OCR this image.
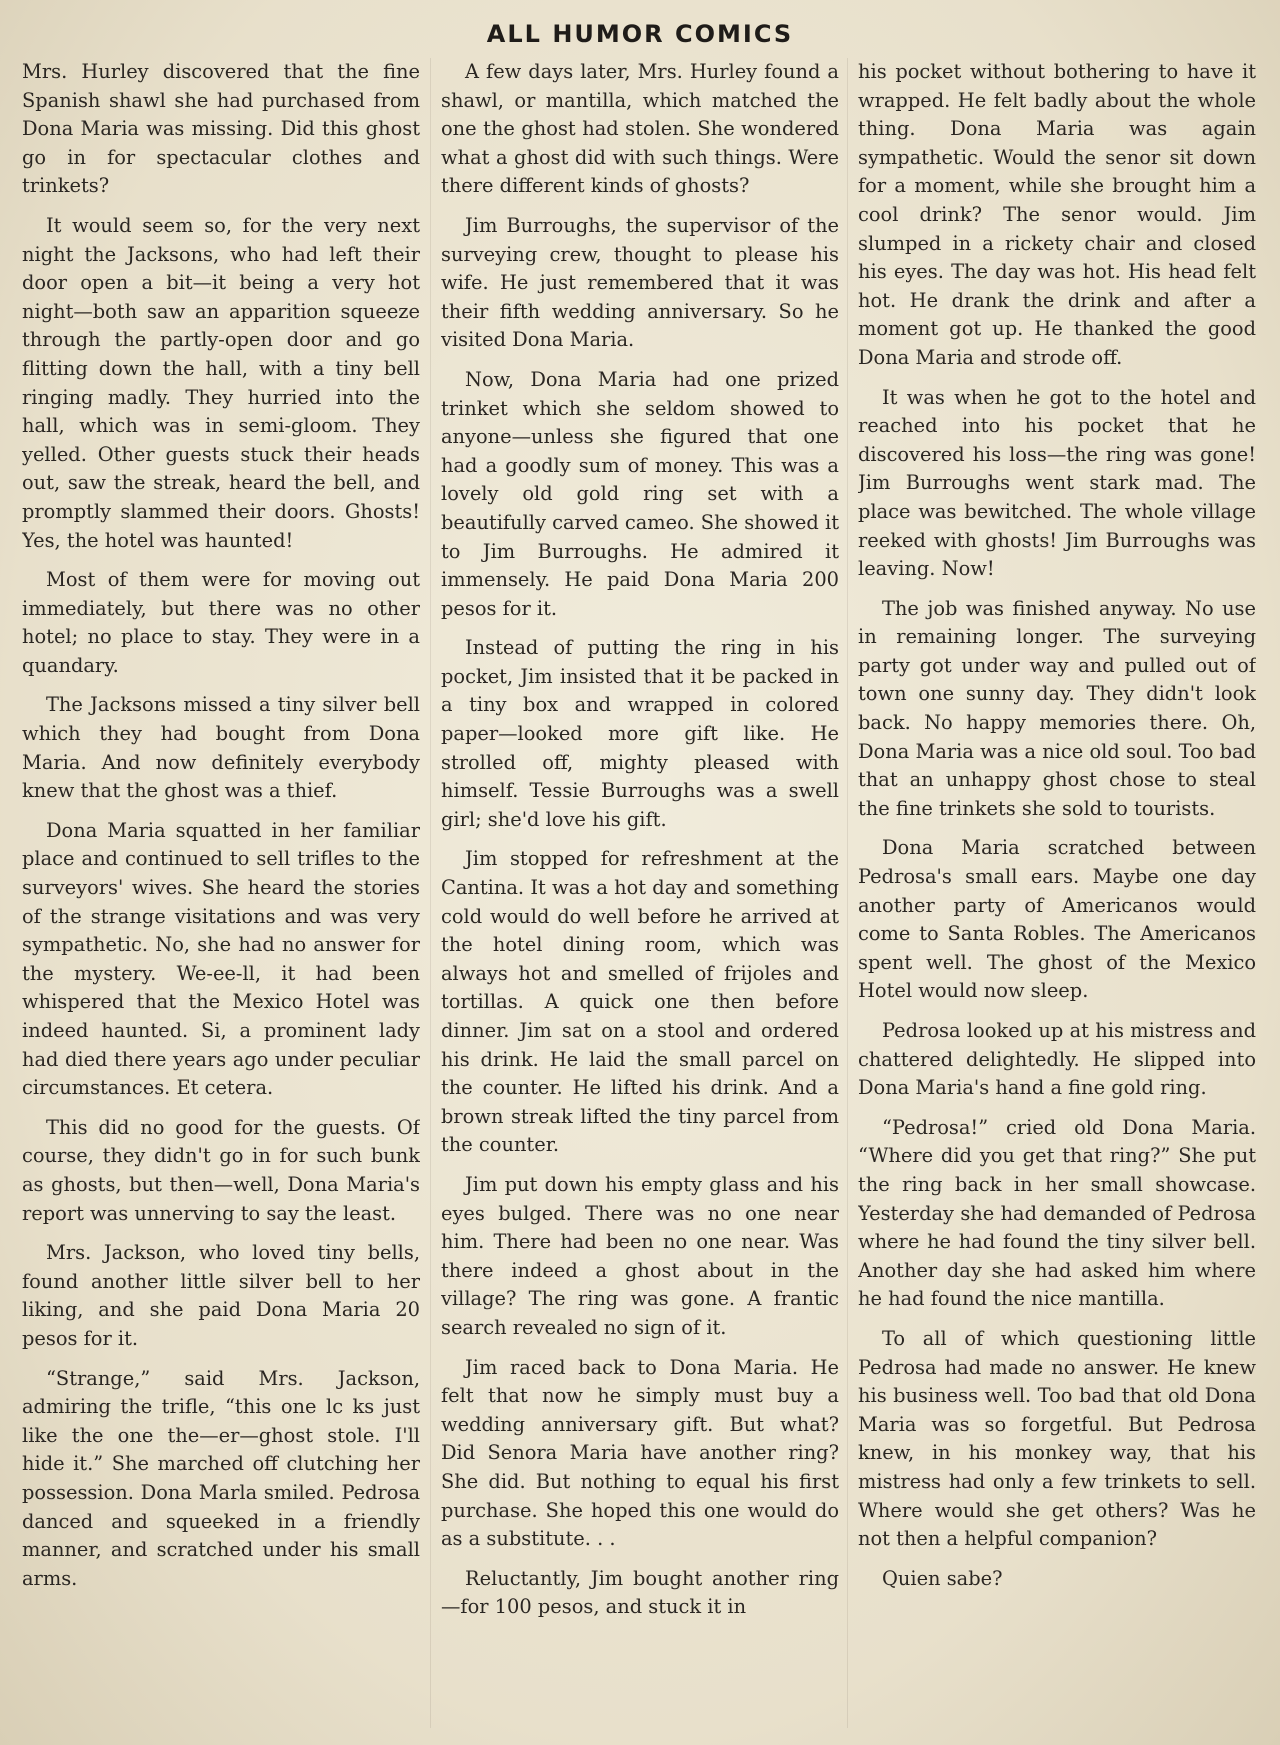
ALL HUMOR COMICS

Mrs. Hurley discovered that the fine Spanish shawl she had purchased from Dona Maria was missing. Did this ghost go in for spectacular clothes and trinkets?

It would seem so, for the very next night the Jacksons, who had left their door open a bit—it being a very hot night—both saw an apparition squeeze through the partly-open door and go flitting down the hall, with a tiny bell ringing madly. They hurried into the hall, which was in semi-gloom. They yelled. Other guests stuck their heads out, saw the streak, heard the bell, and promptly slammed their doors. Ghosts! Yes, the hotel was haunted!

Most of them were for moving out immediately, but there was no other hotel; no place to stay. They were in a quandary.

The Jacksons missed a tiny silver bell which they had bought from Dona Maria. And now definitely everybody knew that the ghost was a thief.

Dona Maria squatted in her familiar place and continued to sell trifles to the surveyors' wives. She heard the stories of the strange visitations and was very sympathetic. No, she had no answer for the mystery. We-ee-ll, it had been whispered that the Mexico Hotel was indeed haunted. Si, a prominent lady had died there years ago under peculiar circumstances. Et cetera.

This did no good for the guests. Of course, they didn't go in for such bunk as ghosts, but then—well, Dona Maria's report was unnerving to say the least.

Mrs. Jackson, who loved tiny bells, found another little silver bell to her liking, and she paid Dona Maria 20 pesos for it.

“Strange,” said Mrs. Jackson, admiring the trifle, “this one lc ks just like the one the—er—ghost stole. I'll hide it.” She marched off clutching her possession. Dona Marla smiled. Pedrosa danced and squeeked in a friendly manner, and scratched under his small arms.

A few days later, Mrs. Hurley found a shawl, or mantilla, which matched the one the ghost had stolen. She wondered what a ghost did with such things. Were there different kinds of ghosts?

Jim Burroughs, the supervisor of the surveying crew, thought to please his wife. He just remembered that it was their fifth wedding anniversary. So he visited Dona Maria.

Now, Dona Maria had one prized trinket which she seldom showed to anyone—unless she figured that one had a goodly sum of money. This was a lovely old gold ring set with a beautifully carved cameo. She showed it to Jim Burroughs. He admired it immensely. He paid Dona Maria 200 pesos for it.

Instead of putting the ring in his pocket, Jim insisted that it be packed in a tiny box and wrapped in colored paper—looked more gift like. He strolled off, mighty pleased with himself. Tessie Burroughs was a swell girl; she'd love his gift.

Jim stopped for refreshment at the Cantina. It was a hot day and something cold would do well before he arrived at the hotel dining room, which was always hot and smelled of frijoles and tortillas. A quick one then before dinner. Jim sat on a stool and ordered his drink. He laid the small parcel on the counter. He lifted his drink. And a brown streak lifted the tiny parcel from the counter.

Jim put down his empty glass and his eyes bulged. There was no one near him. There had been no one near. Was there indeed a ghost about in the village? The ring was gone. A frantic search revealed no sign of it.

Jim raced back to Dona Maria. He felt that now he simply must buy a wedding anniversary gift. But what? Did Senora Maria have another ring? She did. But nothing to equal his first purchase. She hoped this one would do as a substitute. . .

Reluctantly, Jim bought another ring—for 100 pesos, and stuck it in

his pocket without bothering to have it wrapped. He felt badly about the whole thing. Dona Maria was again sympathetic. Would the senor sit down for a moment, while she brought him a cool drink? The senor would. Jim slumped in a rickety chair and closed his eyes. The day was hot. His head felt hot. He drank the drink and after a moment got up. He thanked the good Dona Maria and strode off.

It was when he got to the hotel and reached into his pocket that he discovered his loss—the ring was gone! Jim Burroughs went stark mad. The place was bewitched. The whole village reeked with ghosts! Jim Burroughs was leaving. Now!

The job was finished anyway. No use in remaining longer. The surveying party got under way and pulled out of town one sunny day. They didn't look back. No happy memories there. Oh, Dona Maria was a nice old soul. Too bad that an unhappy ghost chose to steal the fine trinkets she sold to tourists.

Dona Maria scratched between Pedrosa's small ears. Maybe one day another party of Americanos would come to Santa Robles. The Americanos spent well. The ghost of the Mexico Hotel would now sleep.

Pedrosa looked up at his mistress and chattered delightedly. He slipped into Dona Maria's hand a fine gold ring.

“Pedrosa!” cried old Dona Maria. “Where did you get that ring?” She put the ring back in her small showcase. Yesterday she had demanded of Pedrosa where he had found the tiny silver bell. Another day she had asked him where he had found the nice mantilla.

To all of which questioning little Pedrosa had made no answer. He knew his business well. Too bad that old Dona Maria was so forgetful. But Pedrosa knew, in his monkey way, that his mistress had only a few trinkets to sell. Where would she get others? Was he not then a helpful companion?

Quien sabe?
